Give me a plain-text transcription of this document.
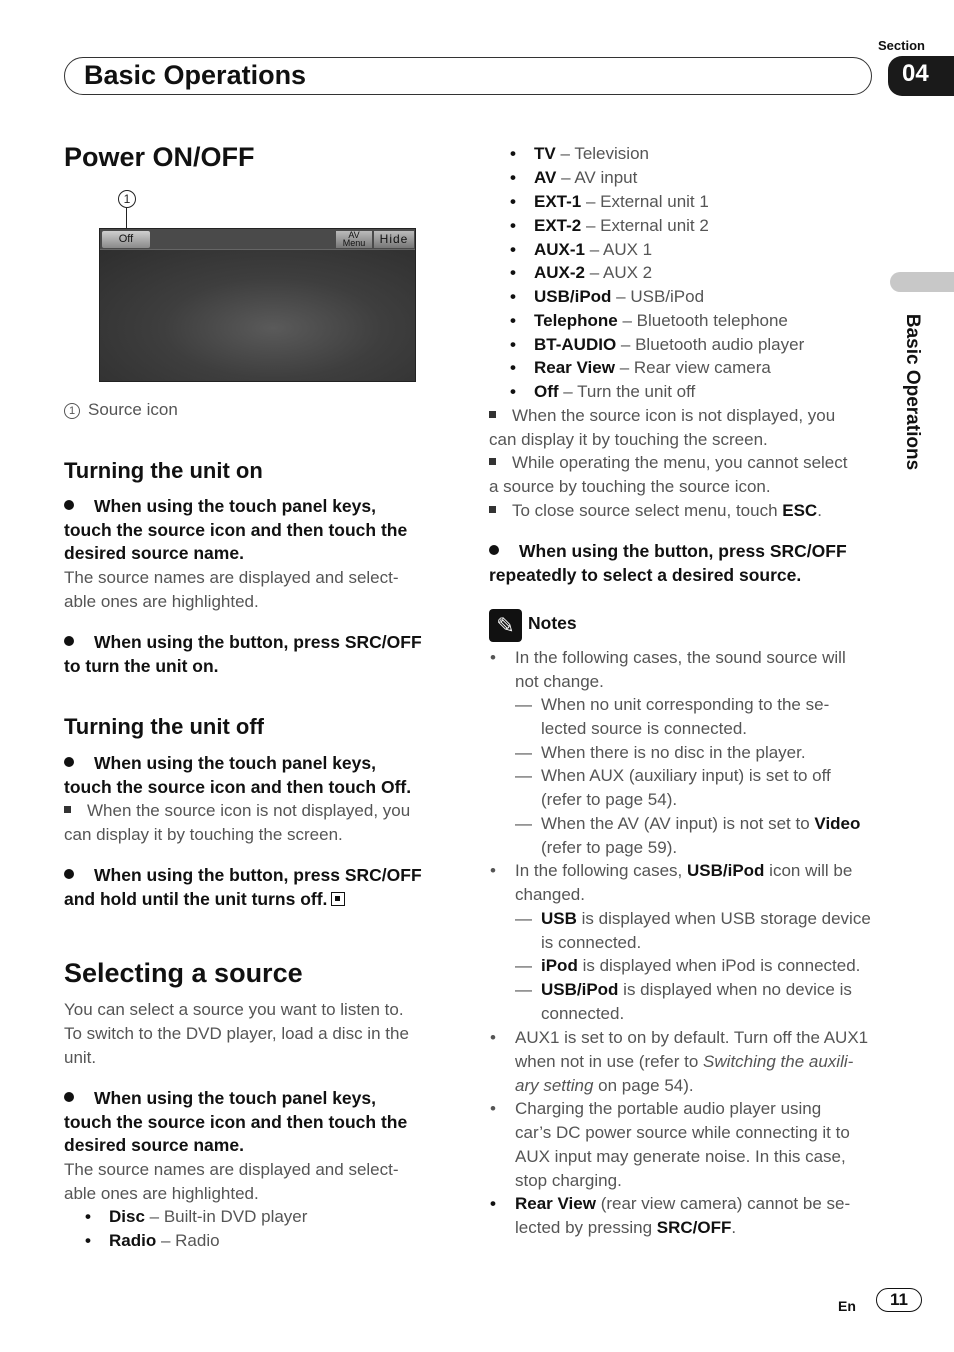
Section
Basic Operations	04
Basic Operations
Power ON/OFF
1
Off	AV
Menu	Hide
1 Source icon
Turning the unit on
When using the touch panel keys,
touch the source icon and then touch the
desired source name.
The source names are displayed and select-
able ones are highlighted.
When using the button, press SRC/OFF
to turn the unit on.
Turning the unit off
When using the touch panel keys,
touch the source icon and then touch Off.
When the source icon is not displayed, you
can display it by touching the screen.
When using the button, press SRC/OFF
and hold until the unit turns off.
Selecting a source
You can select a source you want to listen to.
To switch to the DVD player, load a disc in the
unit.
When using the touch panel keys,
touch the source icon and then touch the
desired source name.
The source names are displayed and select-
able ones are highlighted.
• Disc – Built-in DVD player
• Radio – Radio
• TV – Television
• AV – AV input
• EXT-1 – External unit 1
• EXT-2 – External unit 2
• AUX-1 – AUX 1
• AUX-2 – AUX 2
• USB/iPod – USB/iPod
• Telephone – Bluetooth telephone
• BT-AUDIO – Bluetooth audio player
• Rear View – Rear view camera
• Off – Turn the unit off
When the source icon is not displayed, you
can display it by touching the screen.
While operating the menu, you cannot select
a source by touching the source icon.
To close source select menu, touch ESC.
When using the button, press SRC/OFF
repeatedly to select a desired source.
✎ Notes
• In the following cases, the sound source will
not change.
— When no unit corresponding to the se-
lected source is connected.
— When there is no disc in the player.
— When AUX (auxiliary input) is set to off
(refer to page 54).
— When the AV (AV input) is not set to Video
(refer to page 59).
• In the following cases, USB/iPod icon will be
changed.
— USB is displayed when USB storage device
is connected.
— iPod is displayed when iPod is connected.
— USB/iPod is displayed when no device is
connected.
• AUX1 is set to on by default. Turn off the AUX1
when not in use (refer to Switching the auxili-
ary setting on page 54).
• Charging the portable audio player using
car’s DC power source while connecting it to
AUX input may generate noise. In this case,
stop charging.
• Rear View (rear view camera) cannot be se-
lected by pressing SRC/OFF.
En	11
